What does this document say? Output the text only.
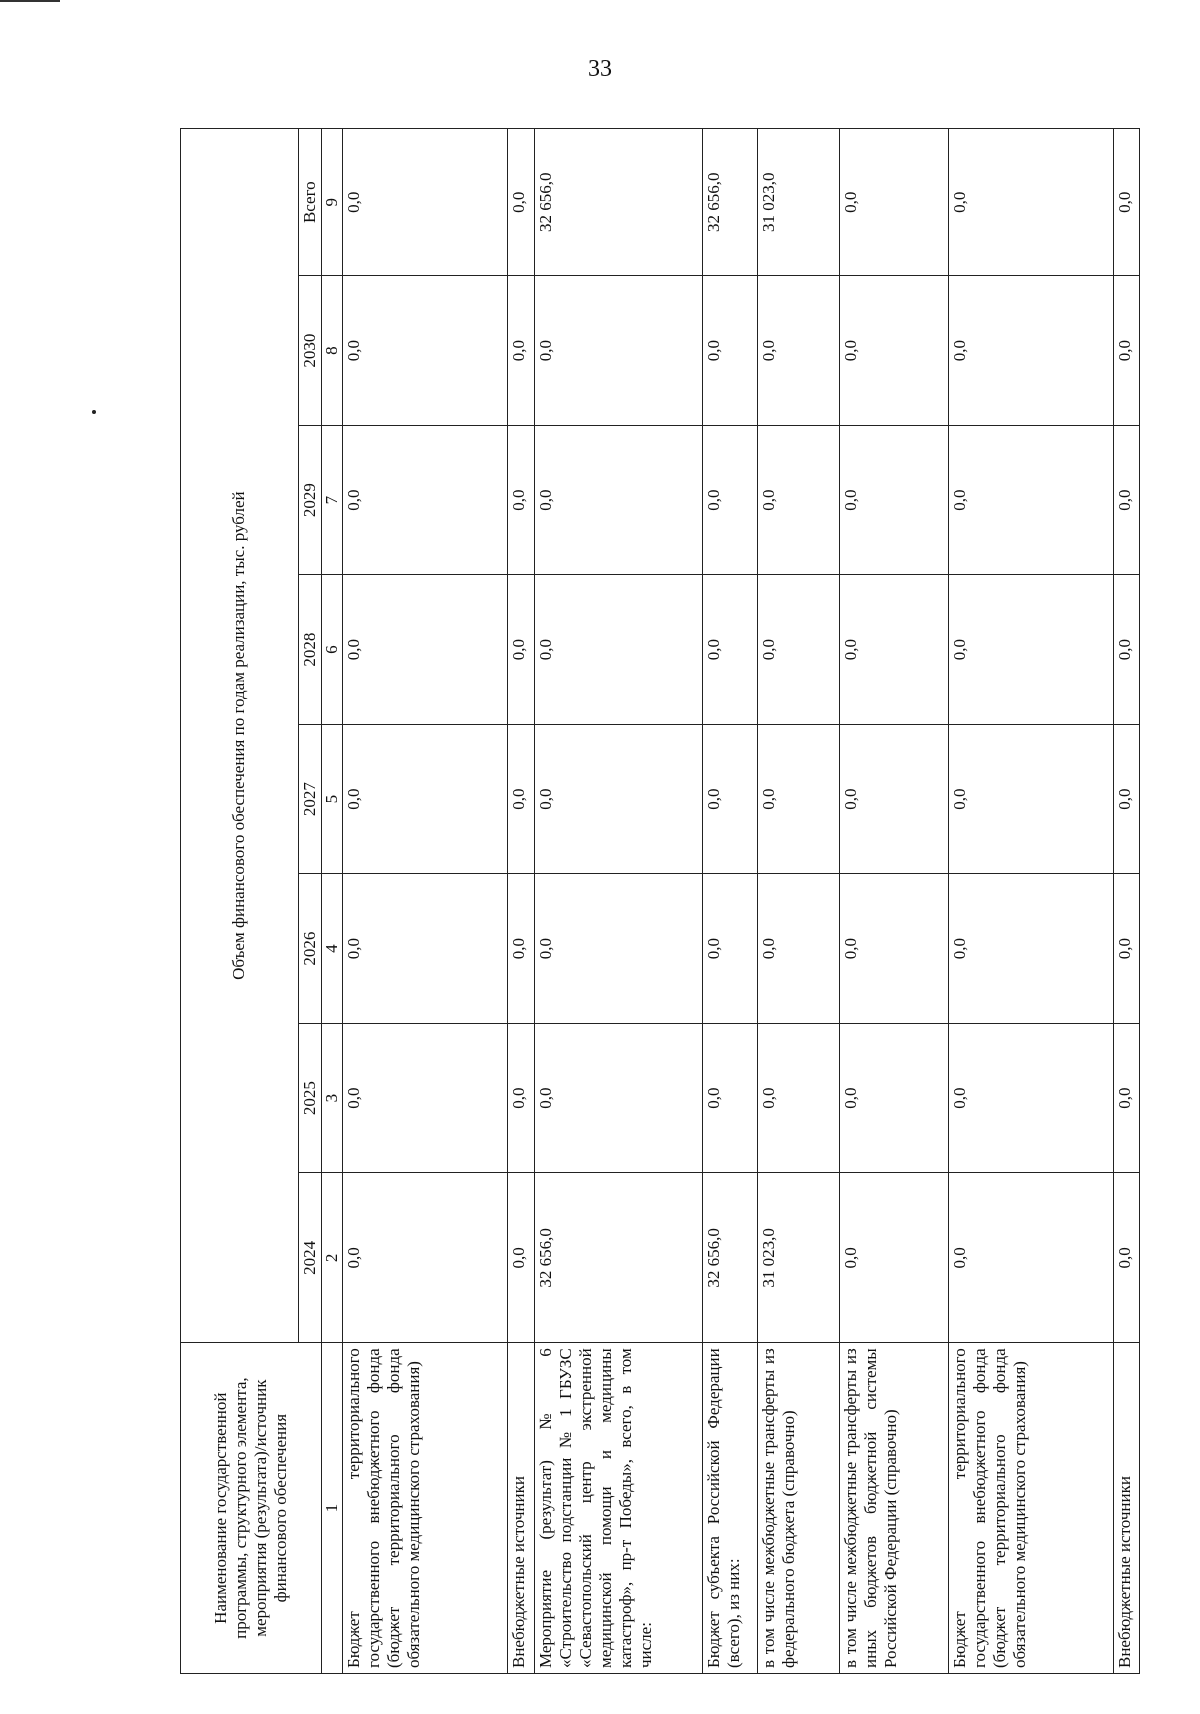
33
Наименование государственной программы, структурного элемента, мероприятия (результата)/источник финансового обеспечения	Объем финансового обеспечения по годам реализации, тыс. рублей							
	2024	2025	2026	2027	2028	2029	2030	Всего
1	2	3	4	5	6	7	8	9
Бюджет территориального государственного внебюджетного фонда (бюджет территориального фонда обязательного медицинского страхования)	0,0	0,0	0,0	0,0	0,0	0,0	0,0	0,0
Внебюджетные источники	0,0	0,0	0,0	0,0	0,0	0,0	0,0	0,0
Мероприятие (результат) № 6 «Строительство подстанции № 1 ГБУЗС «Севастопольский центр экстренной медицинской помощи и медицины катастроф», пр-т Победы», всего, в том числе:	32 656,0	0,0	0,0	0,0	0,0	0,0	0,0	32 656,0
Бюджет субъекта Российской Федерации (всего), из них:	32 656,0	0,0	0,0	0,0	0,0	0,0	0,0	32 656,0
в том числе межбюджетные трансферты из федерального бюджета (справочно)	31 023,0	0,0	0,0	0,0	0,0	0,0	0,0	31 023,0
в том числе межбюджетные трансферты из иных бюджетов бюджетной системы Российской Федерации (справочно)	0,0	0,0	0,0	0,0	0,0	0,0	0,0	0,0
Бюджет территориального государственного внебюджетного фонда (бюджет территориального фонда обязательного медицинского страхования)	0,0	0,0	0,0	0,0	0,0	0,0	0,0	0,0
Внебюджетные источники	0,0	0,0	0,0	0,0	0,0	0,0	0,0	0,0
